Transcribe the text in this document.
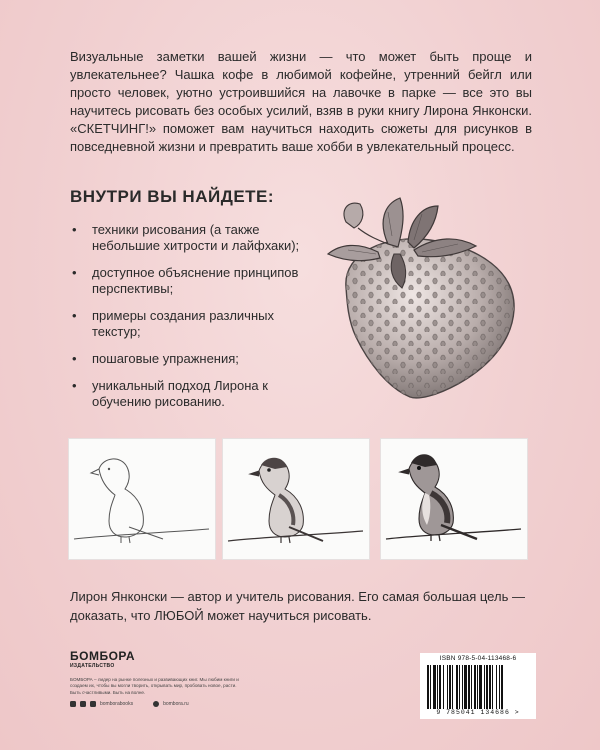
Визуальные заметки вашей жизни — что может быть проще и увлекательнее? Чашка кофе в любимой кофейне, утренний бейгл или просто человек, уютно устроившийся на лавочке в парке — все это вы научитесь рисовать без особых усилий, взяв в руки книгу Лирона Янконски. «СКЕТЧИНГ!» поможет вам научиться находить сюжеты для рисунков в повседневной жизни и превратить ваше хобби в увлекательный процесс.

ВНУТРИ ВЫ НАЙДЕТЕ:
• техники рисования (а также небольшие хитрости и лайфхаки);
• доступное объяснение принципов перспективы;
• примеры создания различных текстур;
• пошаговые упражнения;
• уникальный подход Лирона к обучению рисованию.

Лирон Янконски — автор и учитель рисования. Его самая большая цель — доказать, что ЛЮБОЙ может научиться рисовать.

БОМБОРА
ИЗДАТЕЛЬСТВО
БОМБОРА – лидер на рынке полезных и развивающих книг. Мы любим книги и создаем их, чтобы вы могли творить, открывать мир, пробовать новое, расти. Быть счастливыми. Быть на волне.
bomborabooks	bombora.ru
ISBN 978-5-04-113468-6
9 785041 134686 >
